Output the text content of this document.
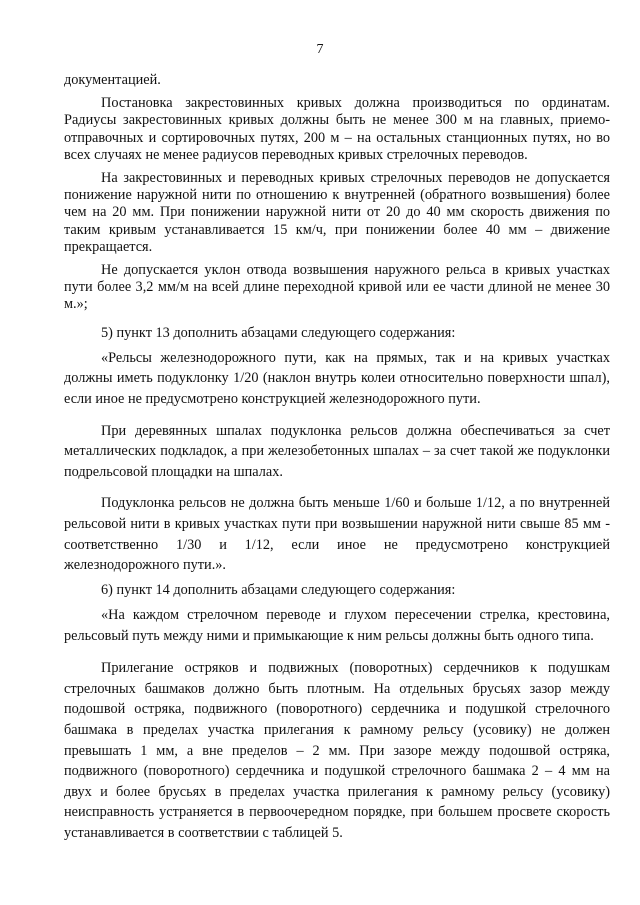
7

документацией.

Постановка закрестовинных кривых должна производиться по ординатам. Радиусы закрестовинных кривых должны быть не менее 300 м на главных, приемо-отправочных и сортировочных путях, 200 м – на остальных станционных путях, но во всех случаях не менее радиусов переводных кривых стрелочных переводов.

На закрестовинных и переводных кривых стрелочных переводов не допускается понижение наружной нити по отношению к внутренней (обратного возвышения) более чем на 20 мм. При понижении наружной нити от 20 до 40 мм скорость движения по таким кривым устанавливается 15 км/ч, при понижении более 40 мм – движение прекращается.

Не допускается уклон отвода возвышения наружного рельса в кривых участках пути более 3,2 мм/м на всей длине переходной кривой или ее части длиной не менее 30 м.»;

5) пункт 13 дополнить абзацами следующего содержания:

«Рельсы железнодорожного пути, как на прямых, так и на кривых участках должны иметь подуклонку 1/20 (наклон внутрь колеи относительно поверхности шпал), если иное не предусмотрено конструкцией железнодорожного пути.

При деревянных шпалах подуклонка рельсов должна обеспечиваться за счет металлических подкладок, а при железобетонных шпалах – за счет такой же подуклонки подрельсовой площадки на шпалах.

Подуклонка рельсов не должна быть меньше 1/60 и больше 1/12, а по внутренней рельсовой нити в кривых участках пути при возвышении наружной нити свыше 85 мм - соответственно 1/30 и 1/12, если иное не предусмотрено конструкцией железнодорожного пути.».

6) пункт 14 дополнить абзацами следующего содержания:

«На каждом стрелочном переводе и глухом пересечении стрелка, крестовина, рельсовый путь между ними и примыкающие к ним рельсы должны быть одного типа.

Прилегание остряков и подвижных (поворотных) сердечников к подушкам стрелочных башмаков должно быть плотным. На отдельных брусьях зазор между подошвой остряка, подвижного (поворотного) сердечника и подушкой стрелочного башмака в пределах участка прилегания к рамному рельсу (усовику) не должен превышать 1 мм, а вне пределов – 2 мм. При зазоре между подошвой остряка, подвижного (поворотного) сердечника и подушкой стрелочного башмака 2 – 4 мм на двух и более брусьях в пределах участка прилегания к рамному рельсу (усовику) неисправность устраняется в первоочередном порядке, при большем просвете скорость устанавливается в соответствии с таблицей 5.
